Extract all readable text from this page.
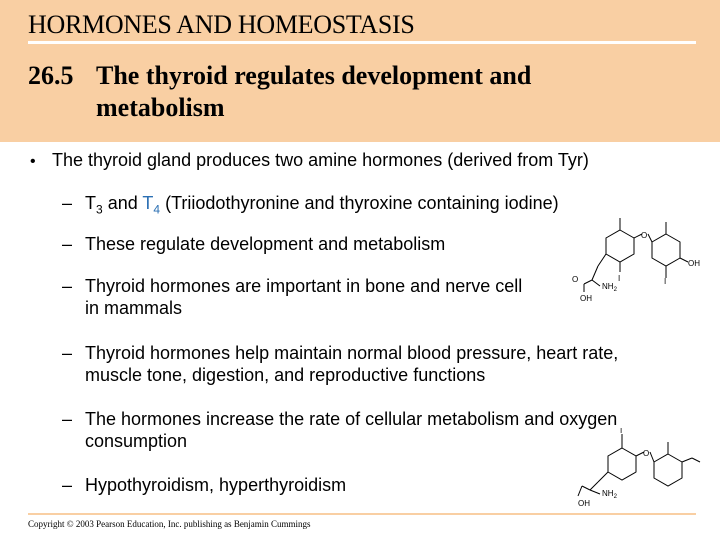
HORMONES AND HOMEOSTASIS
26.5 The thyroid regulates development and
metabolism
• The thyroid gland produces two amine hormones (derived from Tyr)
– $T_3$ and $T_4$ (Triiodothyronine and thyroxine containing iodine)
– These regulate development and metabolism
– Thyroid hormones are important in bone and nerve cell
in mammals
– Thyroid hormones help maintain normal blood pressure, heart rate,
muscle tone, digestion, and reproductive functions
– The hormones increase the rate of cellular metabolism and oxygen
consumption
– Hypothyroidism, hyperthyroidism
O
OH
O
$NH_2$
OH
I	I
O
$NH_2$
I
OH
Copyright © 2003 Pearson Education, Inc. publishing as Benjamin Cummings
